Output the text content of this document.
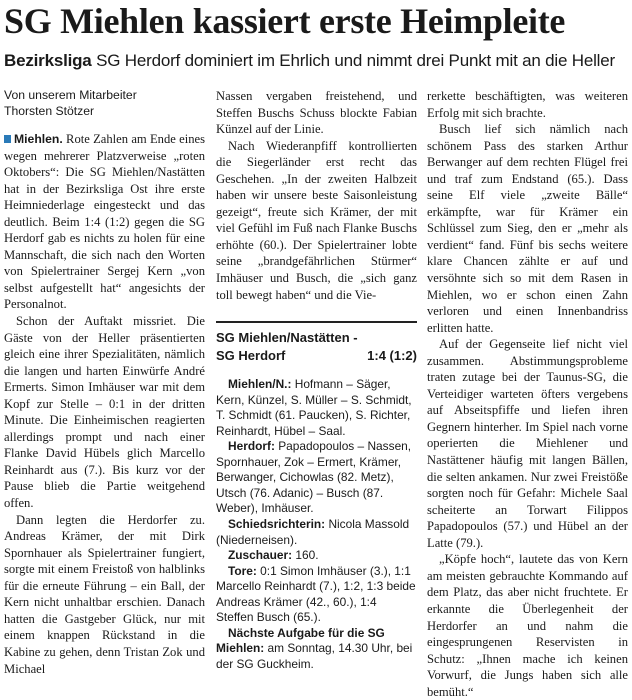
SG Miehlen kassiert erste Heimpleite
Bezirksliga SG Herdorf dominiert im Ehrlich und nimmt drei Punkt mit an die Heller
Von unserem Mitarbeiter
Thorsten Stötzer

Miehlen. Rote Zahlen am Ende eines wegen mehrerer Platzverweise „roten Oktobers“: Die SG Miehlen/Nastätten hat in der Bezirksliga Ost ihre erste Heimniederlage eingesteckt und das deutlich. Beim 1:4 (1:2) gegen die SG Herdorf gab es nichts zu holen für eine Mannschaft, die sich nach den Worten von Spielertrainer Sergej Kern „von selbst aufgestellt hat“ angesichts der Personalnot.

Schon der Auftakt missriet. Die Gäste von der Heller präsentierten gleich eine ihrer Spezialitäten, nämlich die langen und harten Einwürfe André Ermerts. Simon Imhäuser war mit dem Kopf zur Stelle – 0:1 in der dritten Minute. Die Einheimischen reagierten allerdings prompt und nach einer Flanke David Hübels glich Marcello Reinhardt aus (7.). Bis kurz vor der Pause blieb die Partie weitgehend offen.

Dann legten die Herdorfer zu. Andreas Krämer, der mit Dirk Spornhauer als Spielertrainer fungiert, sorgte mit einem Freistoß von halblinks für die erneute Führung – ein Ball, der Kern nicht unhaltbar erschien. Danach hatten die Gastgeber Glück, nur mit einem knappen Rückstand in die Kabine zu gehen, denn Tristan Zok und Michael

Nassen vergaben freistehend, und Steffen Buschs Schuss blockte Fabian Künzel auf der Linie.

Nach Wiederanpfiff kontrollierten die Siegerländer erst recht das Geschehen. „In der zweiten Halbzeit haben wir unsere beste Saisonleistung gezeigt“, freute sich Krämer, der mit viel Gefühl im Fuß nach Flanke Buschs erhöhte (60.). Der Spielertrainer lobte seine „brandgefährlichen Stürmer“ Imhäuser und Busch, die „sich ganz toll bewegt haben“ und die Vie-

SG Miehlen/Nastätten -
SG Herdorf	1:4 (1:2)

Miehlen/N.: Hofmann – Säger, Kern, Künzel, S. Müller – S. Schmidt, T. Schmidt (61. Paucken), S. Richter, Reinhardt, Hübel – Saal.

Herdorf: Papadopoulos – Nassen, Spornhauer, Zok – Ermert, Krämer, Berwanger, Cichowlas (82. Metz), Utsch (76. Adanic) – Busch (87. Weber), Imhäuser.

Schiedsrichterin: Nicola Massold (Niederneisen).

Zuschauer: 160.

Tore: 0:1 Simon Imhäuser (3.), 1:1 Marcello Reinhardt (7.), 1:2, 1:3 beide Andreas Krämer (42., 60.), 1:4 Steffen Busch (65.).

Nächste Aufgabe für die SG Miehlen: am Sonntag, 14.30 Uhr, bei der SG Guckheim.

rerkette beschäftigten, was weiteren Erfolg mit sich brachte.

Busch lief sich nämlich nach schönem Pass des starken Arthur Berwanger auf dem rechten Flügel frei und traf zum Endstand (65.). Dass seine Elf viele „zweite Bälle“ erkämpfte, war für Krämer ein Schlüssel zum Sieg, den er „mehr als verdient“ fand. Fünf bis sechs weitere klare Chancen zählte er auf und versöhnte sich so mit dem Rasen in Miehlen, wo er schon einen Zahn verloren und einen Innenbandriss erlitten hatte.

Auf der Gegenseite lief nicht viel zusammen. Abstimmungsprobleme traten zutage bei der Taunus-SG, die Verteidiger warteten öfters vergebens auf Abseitspfiffe und liefen ihren Gegnern hinterher. Im Spiel nach vorne operierten die Miehlener und Nastättener häufig mit langen Bällen, die selten ankamen. Nur zwei Freistöße sorgten noch für Gefahr: Michele Saal scheiterte an Torwart Filippos Papadopoulos (57.) und Hübel an der Latte (79.).

„Köpfe hoch“, lautete das von Kern am meisten gebrauchte Kommando auf dem Platz, das aber nicht fruchtete. Er erkannte die Überlegenheit der Herdorfer an und nahm die eingesprungenen Reservisten in Schutz: „Ihnen mache ich keinen Vorwurf, die Jungs haben sich alle bemüht.“
